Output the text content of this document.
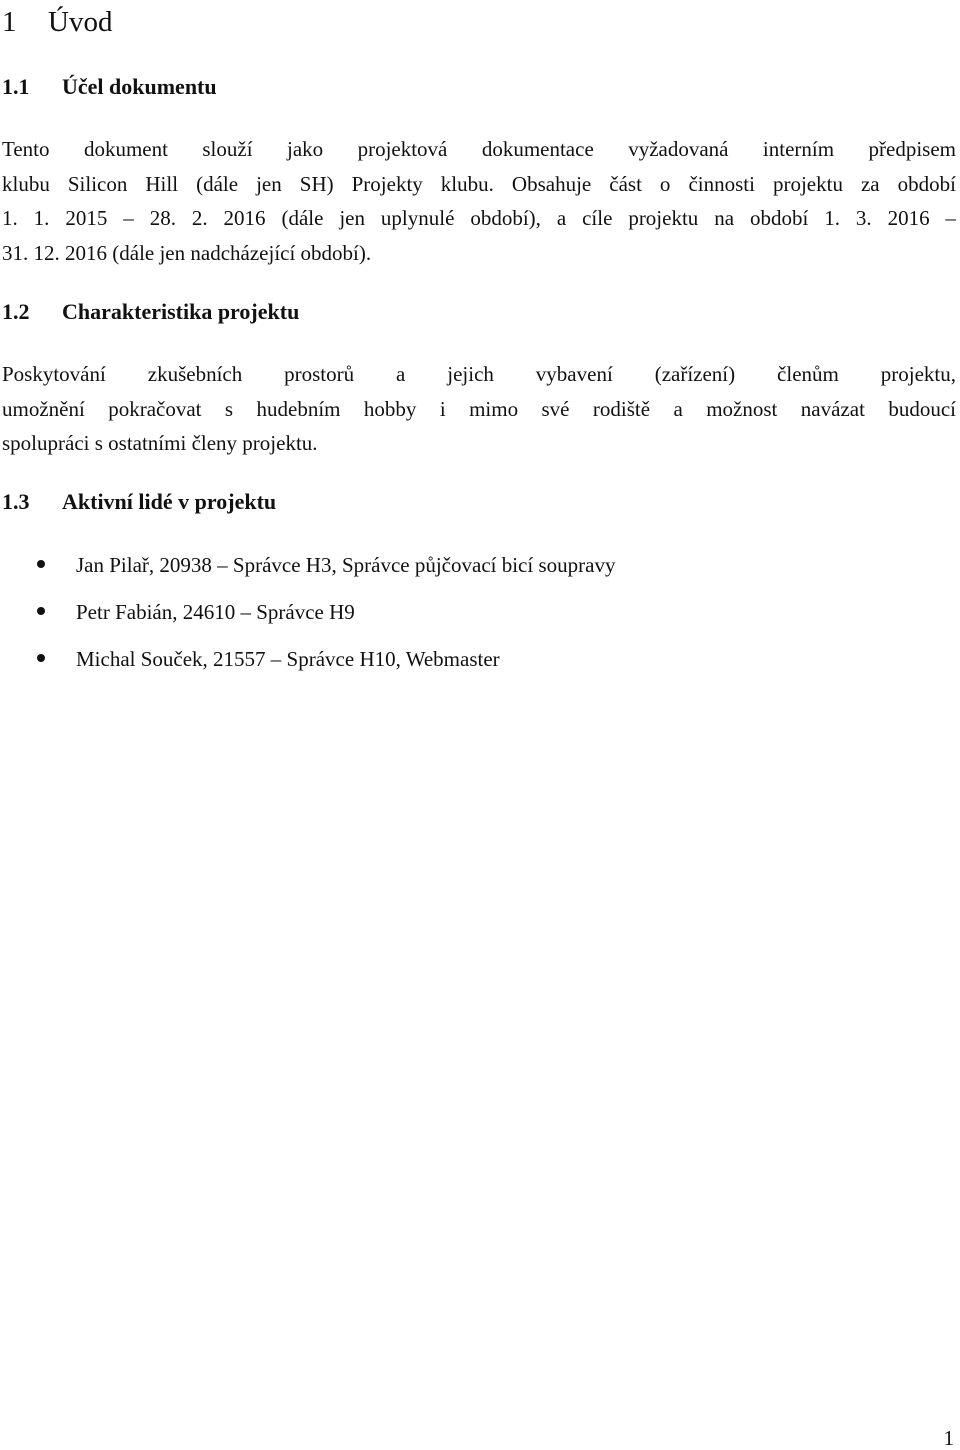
1	Úvod
1.1	Účel dokumentu
Tento dokument slouží jako projektová dokumentace vyžadovaná interním předpisem
klubu Silicon Hill (dále jen SH) Projekty klubu. Obsahuje část o činnosti projektu za období
1. 1. 2015 – 28. 2. 2016 (dále jen uplynulé období), a cíle projektu na období 1. 3. 2016 –
31. 12. 2016 (dále jen nadcházející období).
1.2	Charakteristika projektu
Poskytování zkušebních prostorů a jejich vybavení (zařízení) členům projektu,
umožnění pokračovat s hudebním hobby i mimo své rodiště a možnost navázat budoucí
spolupráci s ostatními členy projektu.
1.3	Aktivní lidé v projektu
Jan Pilař, 20938 – Správce H3, Správce půjčovací bicí soupravy
Petr Fabián, 24610 – Správce H9
Michal Souček, 21557 – Správce H10, Webmaster
1
